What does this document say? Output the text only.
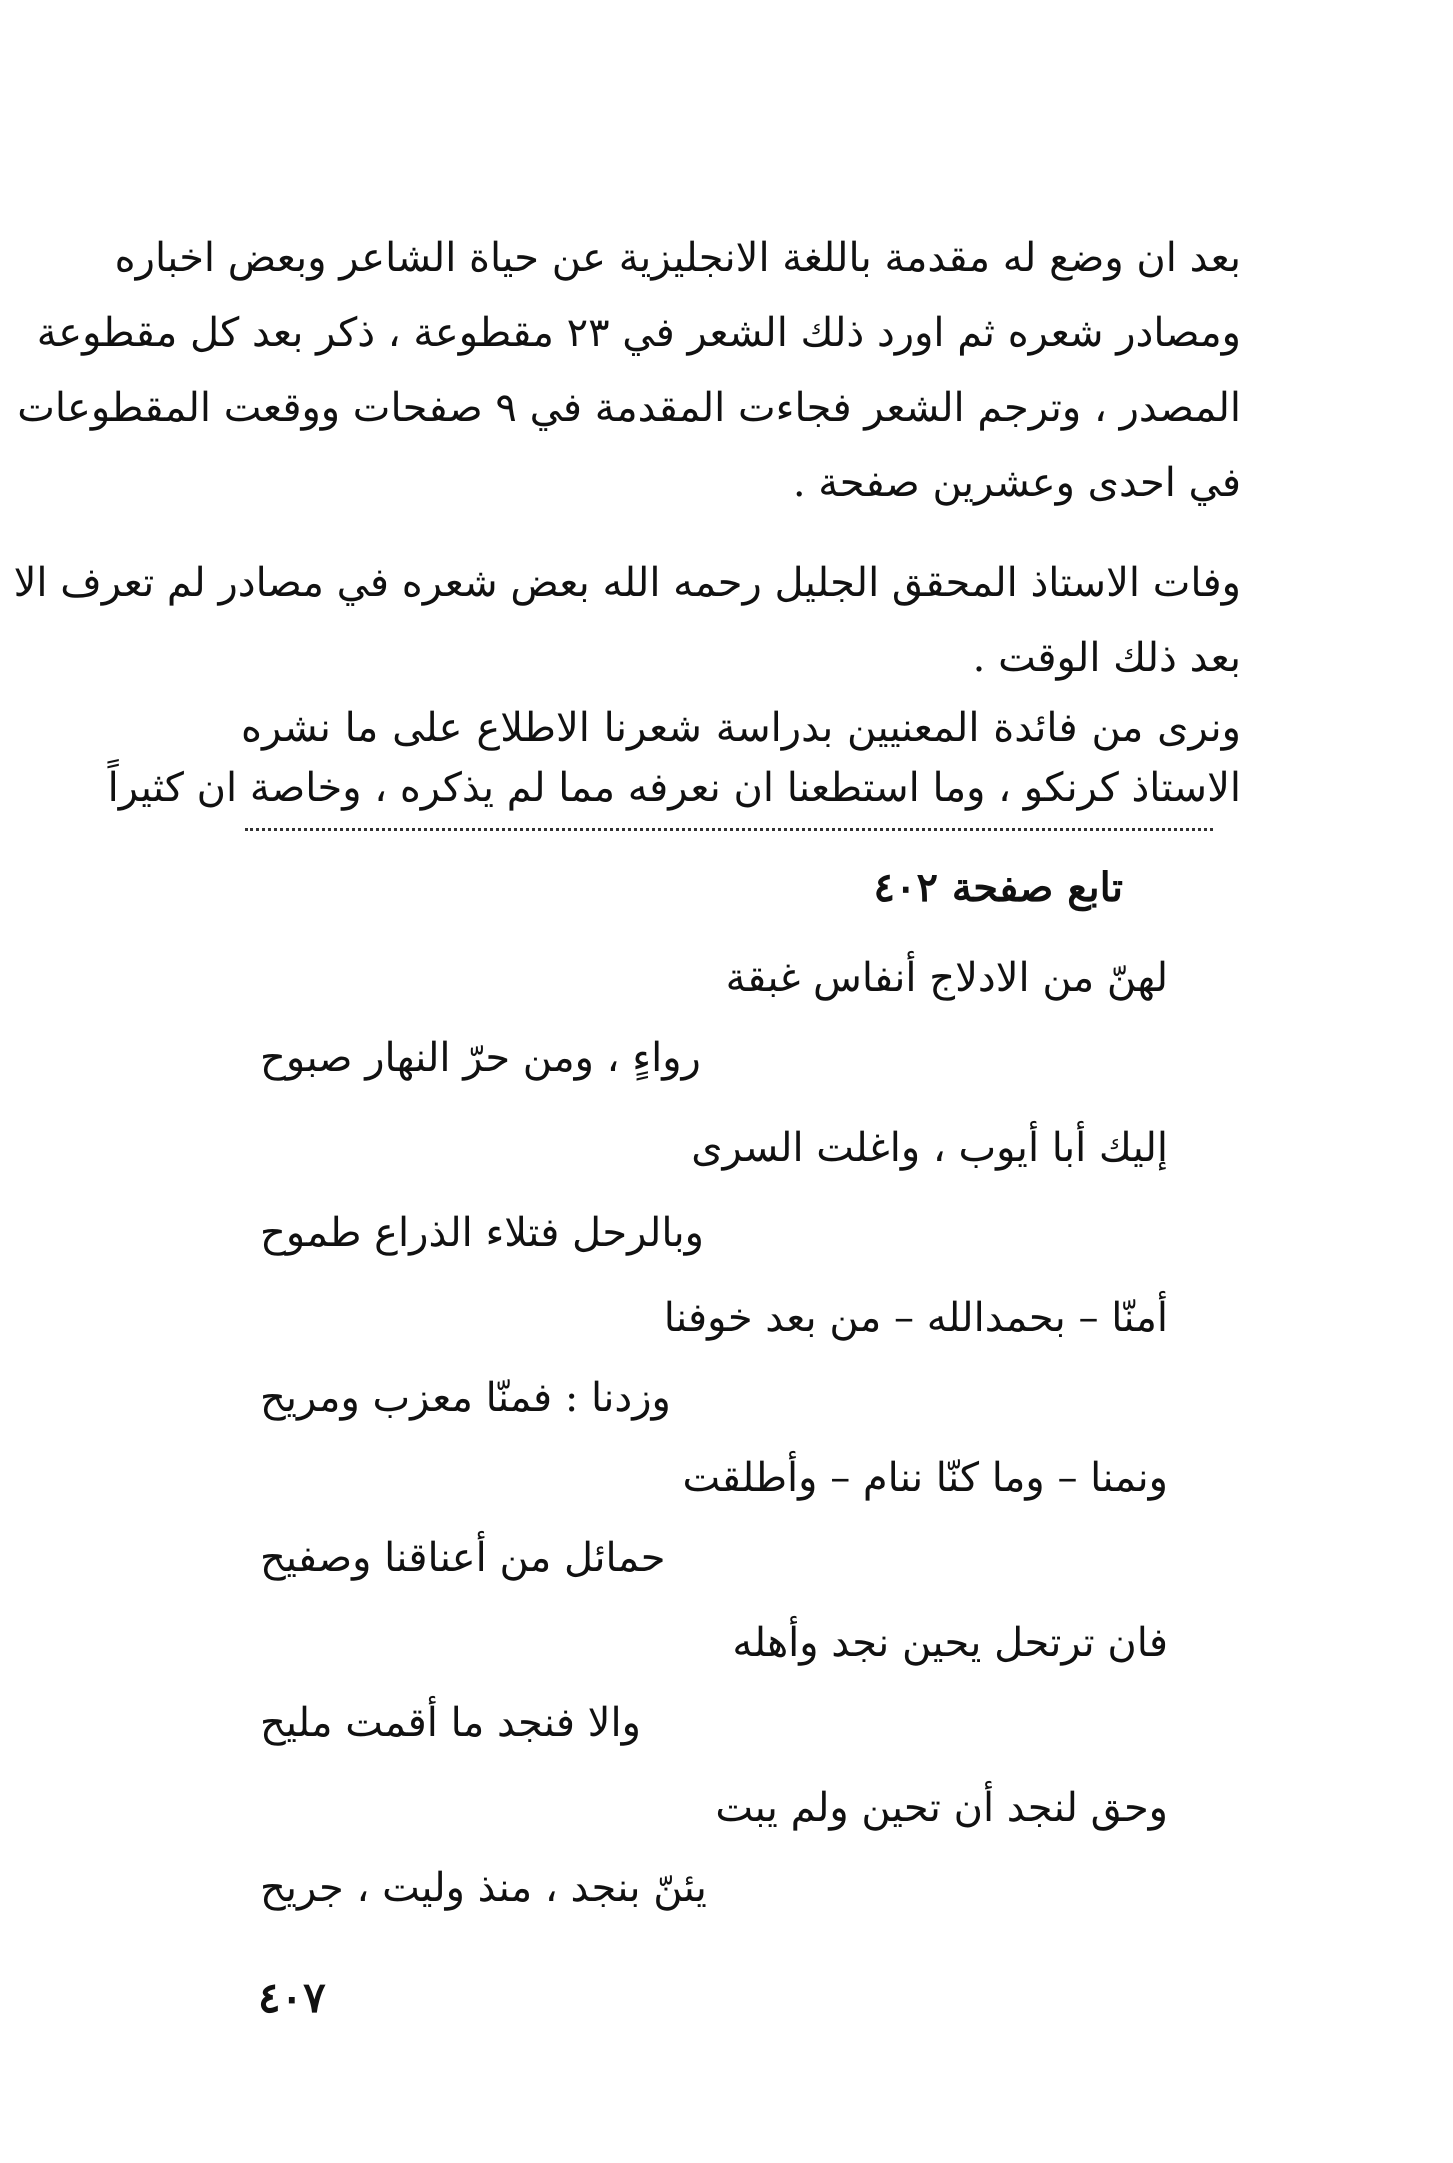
بعد ان وضع له مقدمة باللغة الانجليزية عن حياة الشاعر وبعض اخباره
ومصادر شعره ثم اورد ذلك الشعر في ٢٣ مقطوعة ، ذكر بعد كل مقطوعة
المصدر ، وترجم الشعر فجاءت المقدمة في ٩ صفحات ووقعت المقطوعات
في احدى وعشرين صفحة .
وفات الاستاذ المحقق الجليل رحمه الله بعض شعره في مصادر لم تعرف الا
بعد ذلك الوقت .
ونرى من فائدة المعنيين بدراسة شعرنا الاطلاع على ما نشره
الاستاذ كرنكو ، وما استطعنا ان نعرفه مما لم يذكره ، وخاصة ان كثيراً
تابع صفحة ٤٠٢
لهنّ من الادلاج أنفاس غبقة
رواءٍ ، ومن حرّ النهار صبوح
إليك أبا أيوب ، واغلت السرى
وبالرحل فتلاء الذراع طموح
أمنّا – بحمدالله – من بعد خوفنا
وزدنا : فمنّا معزب ومريح
ونمنا – وما كنّا ننام – وأطلقت
حمائل من أعناقنا وصفيح
فان ترتحل يحين نجد وأهله
والا فنجد ما أقمت مليح
وحق لنجد أن تحين ولم يبت
يئنّ بنجد ، منذ وليت ، جريح
٤٠٧
